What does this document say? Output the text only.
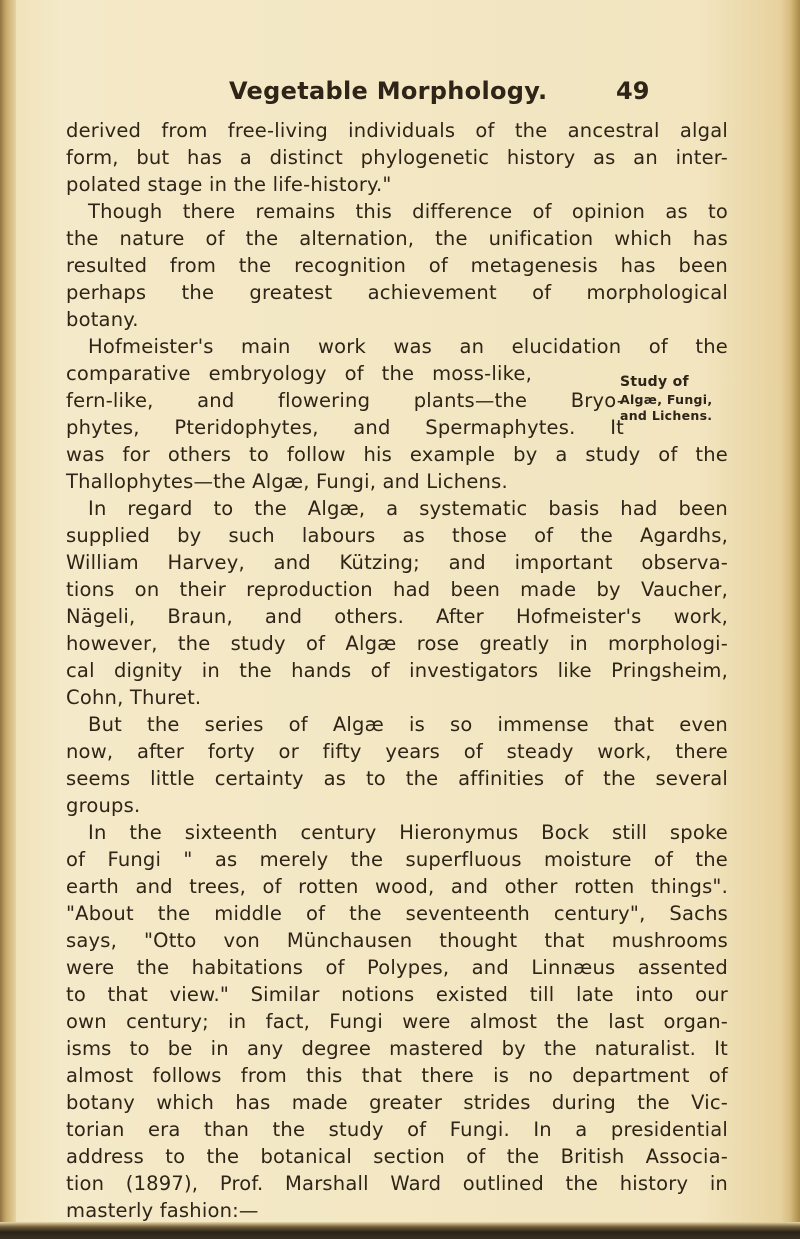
Vegetable Morphology.	49
derived from free-living individuals of the ancestral algal
form, but has a distinct phylogenetic history as an inter-
polated stage in the life-history."
Though there remains this difference of opinion as to
the nature of the alternation, the unification which has
resulted from the recognition of metagenesis has been
perhaps the greatest achievement of morphological
botany.
Hofmeister's main work was an elucidation of the
comparative embryology of the moss-like,
fern-like, and flowering plants—the Bryo-
phytes, Pteridophytes, and Spermaphytes. It
was for others to follow his example by a study of the
Thallophytes—the Algæ, Fungi, and Lichens.
In regard to the Algæ, a systematic basis had been
supplied by such labours as those of the Agardhs,
William Harvey, and Kützing; and important observa-
tions on their reproduction had been made by Vaucher,
Nägeli, Braun, and others. After Hofmeister's work,
however, the study of Algæ rose greatly in morphologi-
cal dignity in the hands of investigators like Pringsheim,
Cohn, Thuret.
But the series of Algæ is so immense that even
now, after forty or fifty years of steady work, there
seems little certainty as to the affinities of the several
groups.
In the sixteenth century Hieronymus Bock still spoke
of Fungi " as merely the superfluous moisture of the
earth and trees, of rotten wood, and other rotten things".
"About the middle of the seventeenth century", Sachs
says, "Otto von Münchausen thought that mushrooms
were the habitations of Polypes, and Linnæus assented
to that view." Similar notions existed till late into our
own century; in fact, Fungi were almost the last organ-
isms to be in any degree mastered by the naturalist. It
almost follows from this that there is no department of
botany which has made greater strides during the Vic-
torian era than the study of Fungi. In a presidential
address to the botanical section of the British Associa-
tion (1897), Prof. Marshall Ward outlined the history in
masterly fashion:—
Study of
Algæ, Fungi,
and Lichens.
